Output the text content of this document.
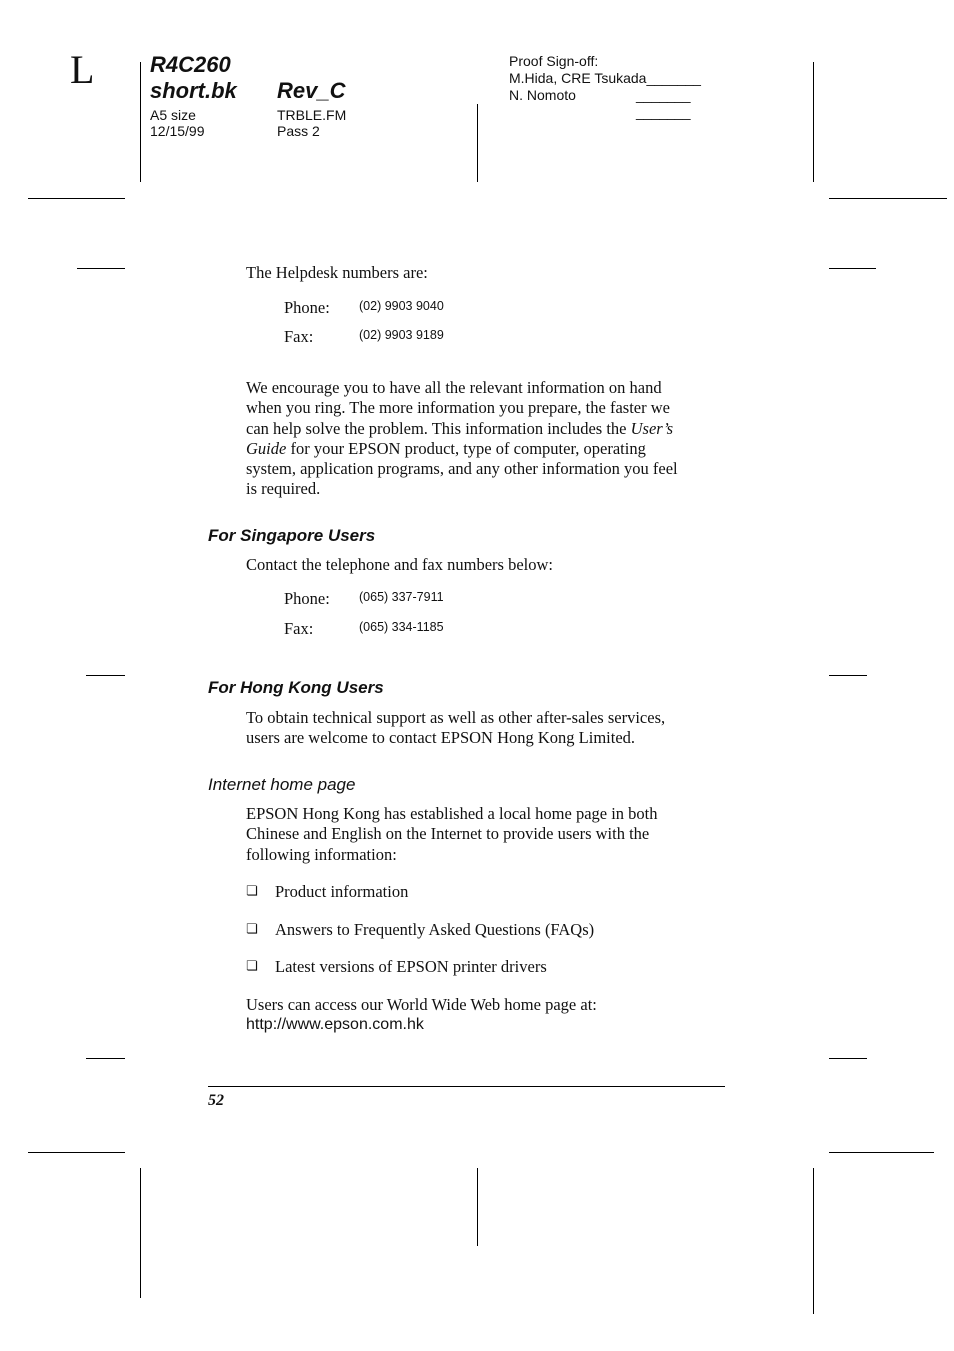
L	R4C260
short.bk Rev_C
A5 size
12/15/99
TRBLE.FM
Pass 2
Proof Sign-off:
M.Hida, CRE Tsukada_______
N. Nomoto	_______
_______
The Helpdesk numbers are:
Phone: (02) 9903 9040
Fax:	(02) 9903 9189
We encourage you to have all the relevant information on hand
when you ring. The more information you prepare, the faster we
can help solve the problem. This information includes the User’s
Guide for your EPSON product, type of computer, operating
system, application programs, and any other information you feel
is required.
For Singapore Users
Contact the telephone and fax numbers below:
Phone: (065) 337-7911
Fax:	(065) 334-1185
For Hong Kong Users
To obtain technical support as well as other after-sales services,
users are welcome to contact EPSON Hong Kong Limited.
Internet home page
EPSON Hong Kong has established a local home page in both
Chinese and English on the Internet to provide users with the
following information:
❏ Product information
❏ Answers to Frequently Asked Questions (FAQs)
❏ Latest versions of EPSON printer drivers
Users can access our World Wide Web home page at:
http://www.epson.com.hk
52
